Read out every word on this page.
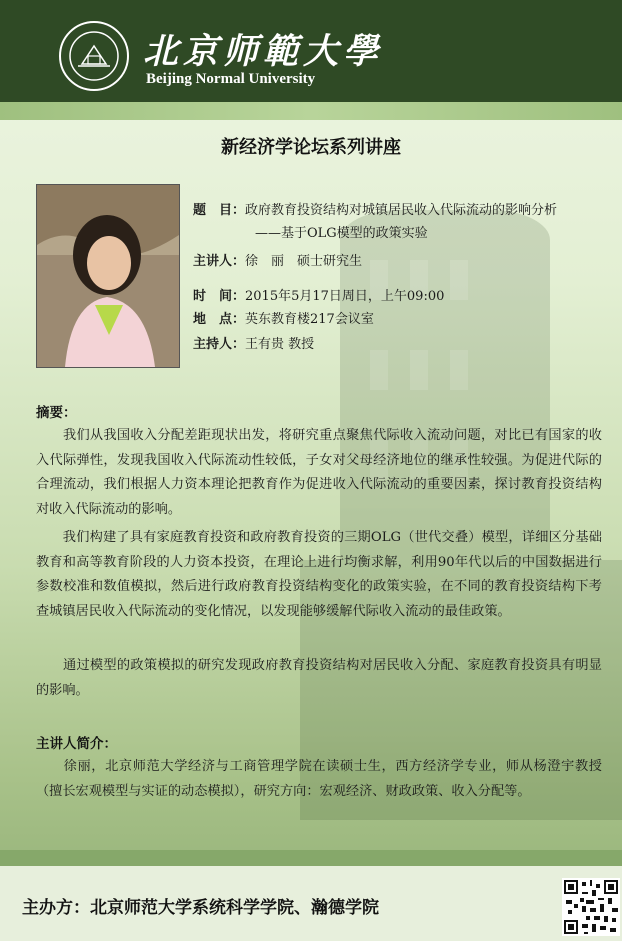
北京师範大學
Beijing Normal University
新经济学论坛系列讲座
题　目：政府教育投资结构对城镇居民收入代际流动的影响分析
——基于OLG模型的政策实验
主讲人：徐　丽　硕士研究生
时　间：2015年5月17日周日，上午09:00
地　点：英东教育楼217会议室
主持人：王有贵 教授
摘要：

　　我们从我国收入分配差距现状出发，将研究重点聚焦代际收入流动问题，对比已有国家的收入代际弹性，发现我国收入代际流动性较低，子女对父母经济地位的继承性较强。为促进代际的合理流动，我们根据人力资本理论把教育作为促进收入代际流动的重要因素，探讨教育投资结构对收入代际流动的影响。

　　我们构建了具有家庭教育投资和政府教育投资的三期OLG（世代交叠）模型，详细区分基础教育和高等教育阶段的人力资本投资，在理论上进行均衡求解，利用90年代以后的中国数据进行参数校准和数值模拟，然后进行政府教育投资结构变化的政策实验，在不同的教育投资结构下考查城镇居民收入代际流动的变化情况，以发现能够缓解代际收入流动的最佳政策。

　　通过模型的政策模拟的研究发现政府教育投资结构对居民收入分配、家庭教育投资具有明显的影响。

主讲人简介：

　　徐丽，北京师范大学经济与工商管理学院在读硕士生，西方经济学专业，师从杨澄宇教授（擅长宏观模型与实证的动态模拟），研究方向：宏观经济、财政政策、收入分配等。

主办方：北京师范大学系统科学学院、瀚德学院
